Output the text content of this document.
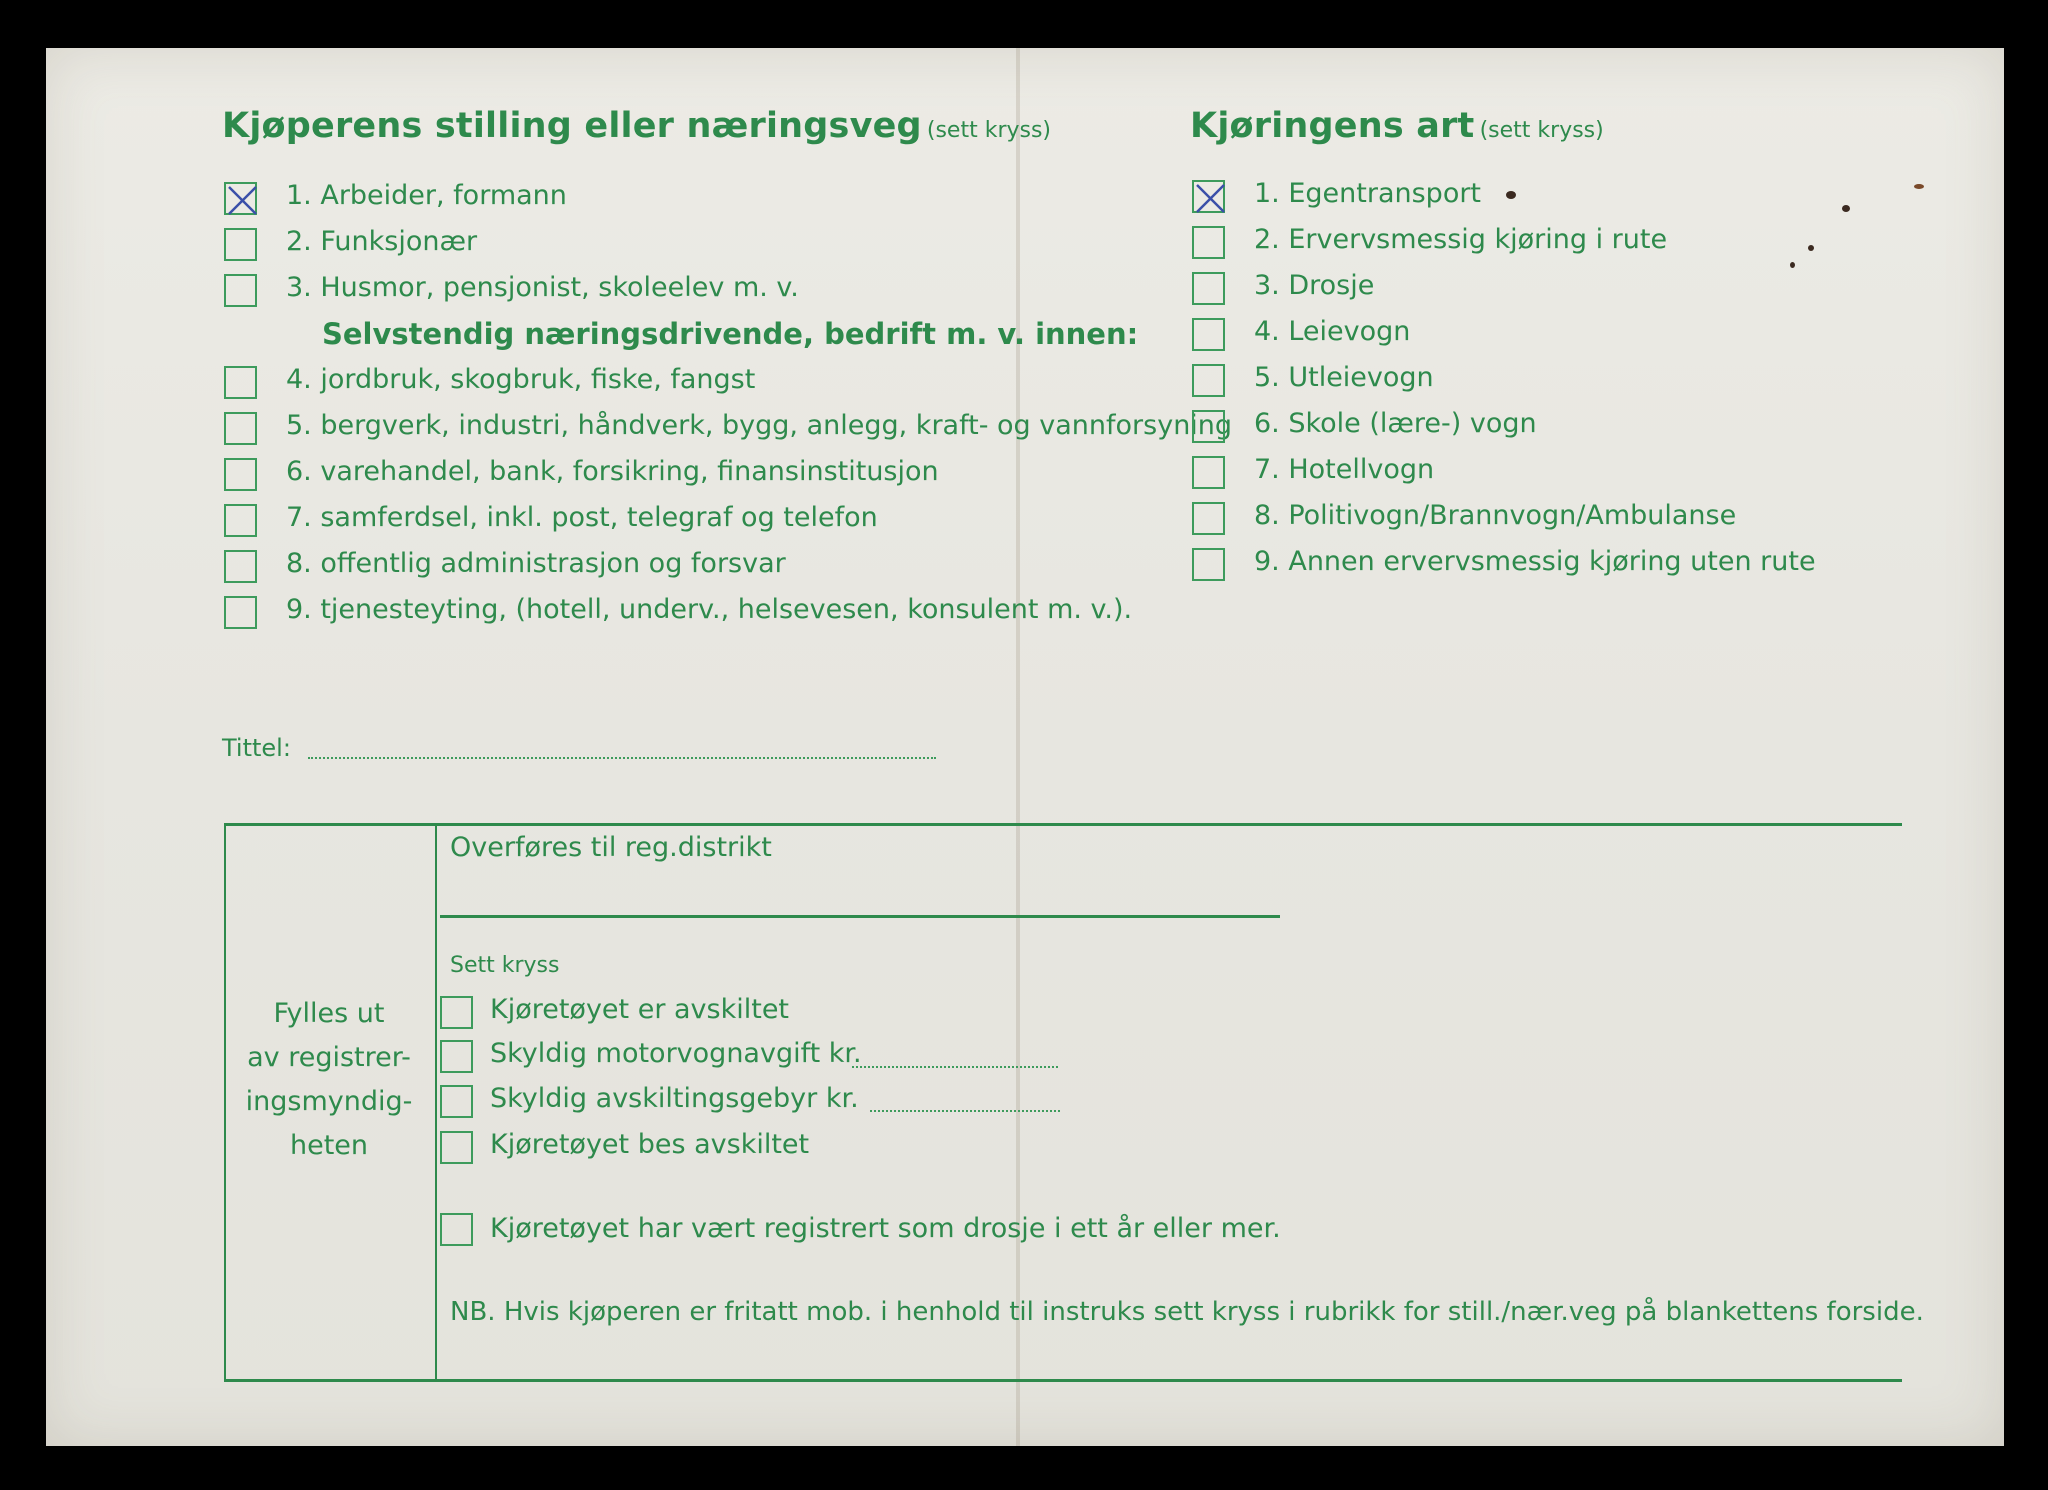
Kjøperens stilling eller næringsveg (sett kryss)
1. Arbeider, formann
2. Funksjonær
3. Husmor, pensjonist, skoleelev m. v.
4. jordbruk, skogbruk, fiske, fangst
5. bergverk, industri, håndverk, bygg, anlegg, kraft- og vannforsyning
6. varehandel, bank, forsikring, finansinstitusjon
7. samferdsel, inkl. post, telegraf og telefon
8. offentlig administrasjon og forsvar
9. tjenesteyting, (hotell, underv., helsevesen, konsulent m. v.).
Selvstendig næringsdrivende, bedrift m. v. innen:
Kjøringens art (sett kryss)
1. Egentransport
2. Ervervsmessig kjøring i rute
3. Drosje
4. Leievogn
5. Utleievogn
6. Skole (lære-) vogn
7. Hotellvogn
8. Politivogn/Brannvogn/Ambulanse
9. Annen ervervsmessig kjøring uten rute
Tittel:
Fylles ut
av registrer-
ingsmyndig-
heten
Overføres til reg.distrikt
Sett kryss
Kjøretøyet er avskiltet
Skyldig motorvognavgift kr.
Skyldig avskiltingsgebyr kr.
Kjøretøyet bes avskiltet
Kjøretøyet har vært registrert som drosje i ett år eller mer.
NB. Hvis kjøperen er fritatt mob. i henhold til instruks sett kryss i rubrikk for still./nær.veg på blankettens forside.
